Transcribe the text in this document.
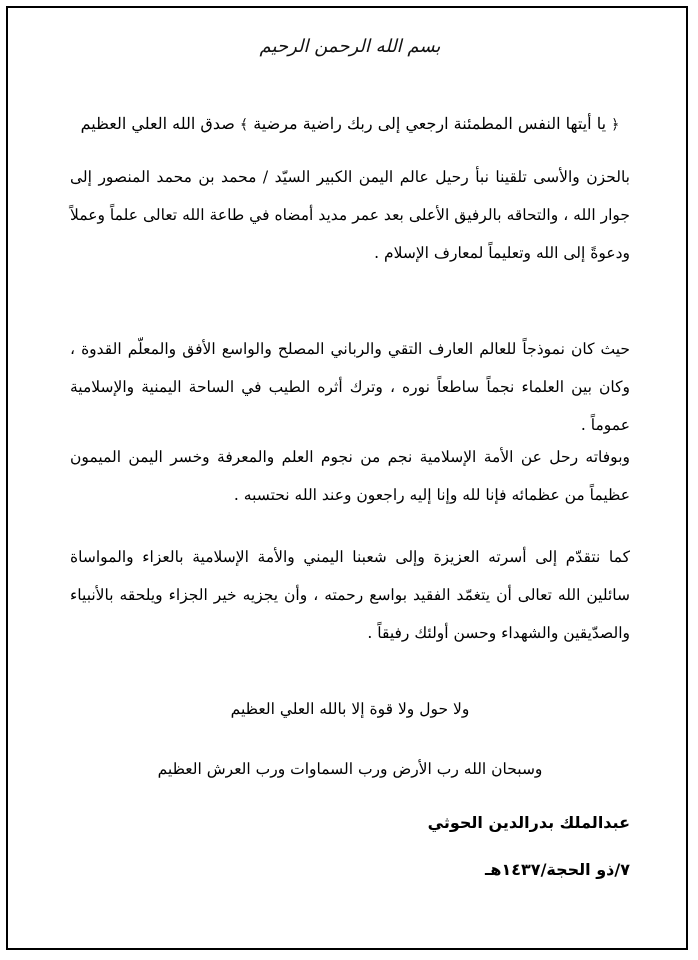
بسم الله الرحمن الرحيم
﴿ يا أيتها النفس المطمئنة ارجعي إلى ربك راضية مرضية ﴾ صدق الله العلي العظيم
بالحزن والأسى تلقينا نبأ رحيل عالم اليمن الكبير السيّد / محمد بن محمد المنصور إلى جوار الله ، والتحاقه بالرفيق الأعلى بعد عمر مديد أمضاه في طاعة الله تعالى علماً وعملاً ودعوةً إلى الله وتعليماً لمعارف الإسلام .
حيث كان نموذجاً للعالم العارف التقي والرباني المصلح والواسع الأفق والمعلّم القدوة ، وكان بين العلماء نجماً ساطعاً نوره ، وترك أثره الطيب في الساحة اليمنية والإسلامية عموماً .
وبوفاته رحل عن الأمة الإسلامية نجم من نجوم العلم والمعرفة وخسر اليمن الميمون عظيماً من عظمائه فإنا لله وإنا إليه راجعون وعند الله نحتسبه .
كما نتقدّم إلى أسرته العزيزة وإلى شعبنا اليمني والأمة الإسلامية بالعزاء والمواساة سائلين الله تعالى أن يتغمّد الفقيد بواسع رحمته ، وأن يجزيه خير الجزاء ويلحقه بالأنبياء والصدّيقين والشهداء وحسن أولئك رفيقاً .
ولا حول ولا قوة إلا بالله العلي العظيم
وسبحان الله رب الأرض ورب السماوات ورب العرش العظيم
عبدالملك بدرالدين الحوثي
٧/ذو الحجة/١٤٣٧هـ
